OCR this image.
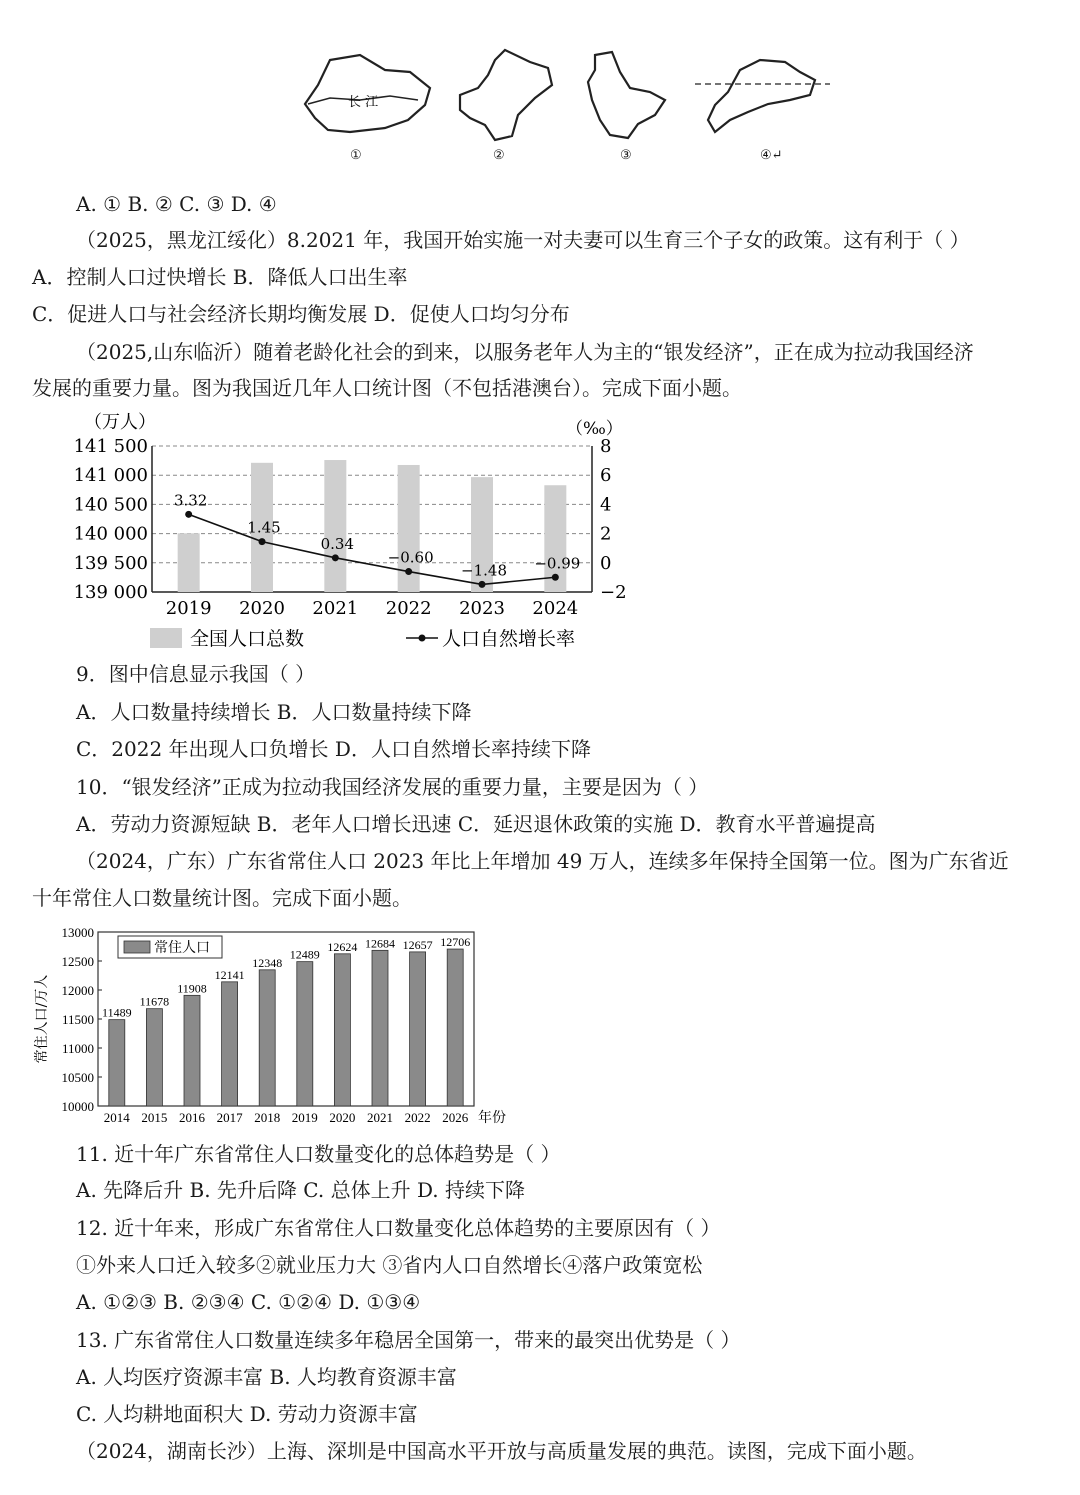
长 江
①	②	③	④↵
A. ① B. ② C. ③ D. ④
（2025，黑龙江绥化）8.2021 年，我国开始实施一对夫妻可以生育三个子女的政策。这有利于（ ）
A．控制人口过快增长 B．降低人口出生率
C．促进人口与社会经济长期均衡发展 D．促使人口均匀分布
（2025,山东临沂）随着老龄化社会的到来，以服务老年人为主的“银发经济”，正在成为拉动我国经济
发展的重要力量。图为我国近几年人口统计图（不包括港澳台）。完成下面小题。
（万人）	（‰）
141 500
141 000
140 500
140 000
139 500
139 000
8
6
4
2
0
−2
2019 2020 2021 2022 2023 2024
3.32
1.45
0.34
−0.60
−1.48 −0.99
全国人口总数	人口自然增长率
9．图中信息显示我国（ ）
A．人口数量持续增长 B．人口数量持续下降
C．2022 年出现人口负增长 D．人口自然增长率持续下降
10．“银发经济”正成为拉动我国经济发展的重要力量，主要是因为（ ）
A．劳动力资源短缺 B．老年人口增长迅速 C．延迟退休政策的实施 D．教育水平普遍提高
（2024，广东）广东省常住人口 2023 年比上年增加 49 万人，连续多年保持全国第一位。图为广东省近
十年常住人口数量统计图。完成下面小题。
13000
12500
12000
11500
11000
10500
10000
常住人口/万人	11489
2014
11678
2015
11908
2016
12141
2017
12348
2018
12489
2019
12624
2020
12684
2021
12657
2022
12706
2026 年份
常住人口
11. 近十年广东省常住人口数量变化的总体趋势是（ ）
A. 先降后升 B. 先升后降 C. 总体上升 D. 持续下降
12. 近十年来，形成广东省常住人口数量变化总体趋势的主要原因有（ ）
①外来人口迁入较多②就业压力大 ③省内人口自然增长④落户政策宽松
A. ①②③ B. ②③④ C. ①②④ D. ①③④
13. 广东省常住人口数量连续多年稳居全国第一，带来的最突出优势是（ ）
A. 人均医疗资源丰富 B. 人均教育资源丰富
C. 人均耕地面积大 D. 劳动力资源丰富
（2024，湖南长沙）上海、深圳是中国高水平开放与高质量发展的典范。读图，完成下面小题。
